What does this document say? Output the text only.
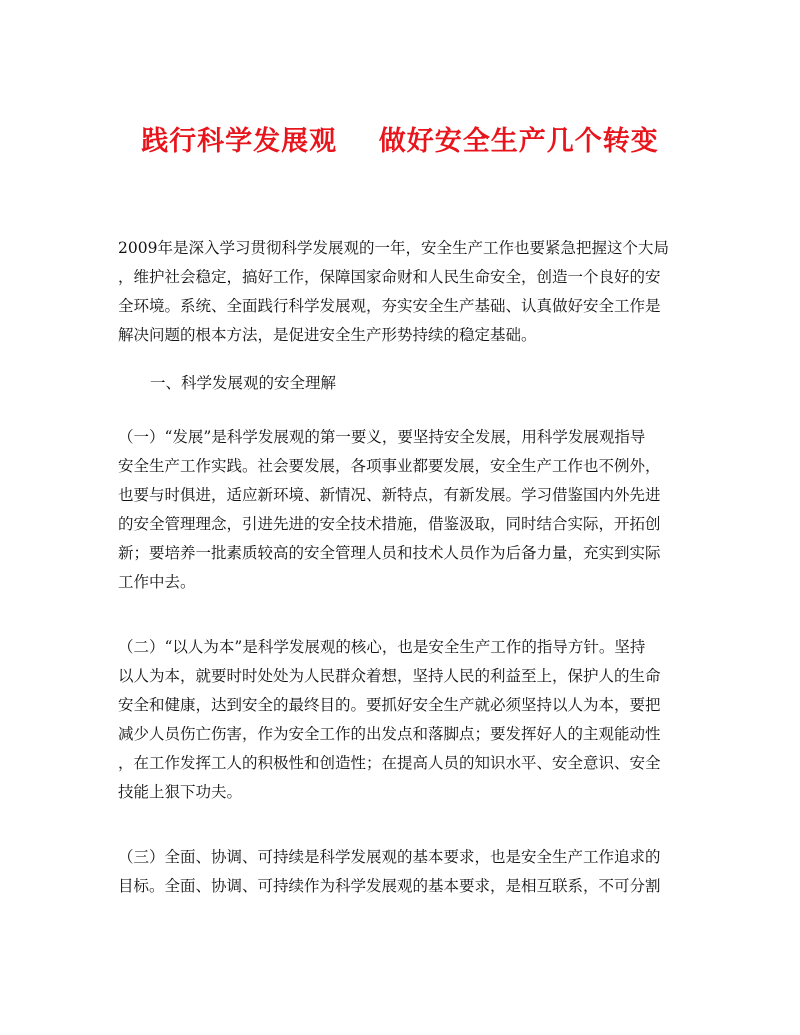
践行科学发展观    做好安全生产几个转变
2009年是深入学习贯彻科学发展观的一年，安全生产工作也要紧急把握这个大局
，维护社会稳定，搞好工作，保障国家命财和人民生命安全，创造一个良好的安
全环境。系统、全面践行科学发展观，夯实安全生产基础、认真做好安全工作是
解决问题的根本方法，是促进安全生产形势持续的稳定基础。
一、科学发展观的安全理解
（一）“发展”是科学发展观的第一要义，要坚持安全发展，用科学发展观指导
安全生产工作实践。社会要发展，各项事业都要发展，安全生产工作也不例外，
也要与时俱进，适应新环境、新情况、新特点，有新发展。学习借鉴国内外先进
的安全管理理念，引进先进的安全技术措施，借鉴汲取，同时结合实际，开拓创
新；要培养一批素质较高的安全管理人员和技术人员作为后备力量，充实到实际
工作中去。
（二）“以人为本”是科学发展观的核心，也是安全生产工作的指导方针。坚持
以人为本，就要时时处处为人民群众着想，坚持人民的利益至上，保护人的生命
安全和健康，达到安全的最终目的。要抓好安全生产就必须坚持以人为本，要把
减少人员伤亡伤害，作为安全工作的出发点和落脚点；要发挥好人的主观能动性
，在工作发挥工人的积极性和创造性；在提高人员的知识水平、安全意识、安全
技能上狠下功夫。
（三）全面、协调、可持续是科学发展观的基本要求，也是安全生产工作追求的
目标。全面、协调、可持续作为科学发展观的基本要求，是相互联系，不可分割
